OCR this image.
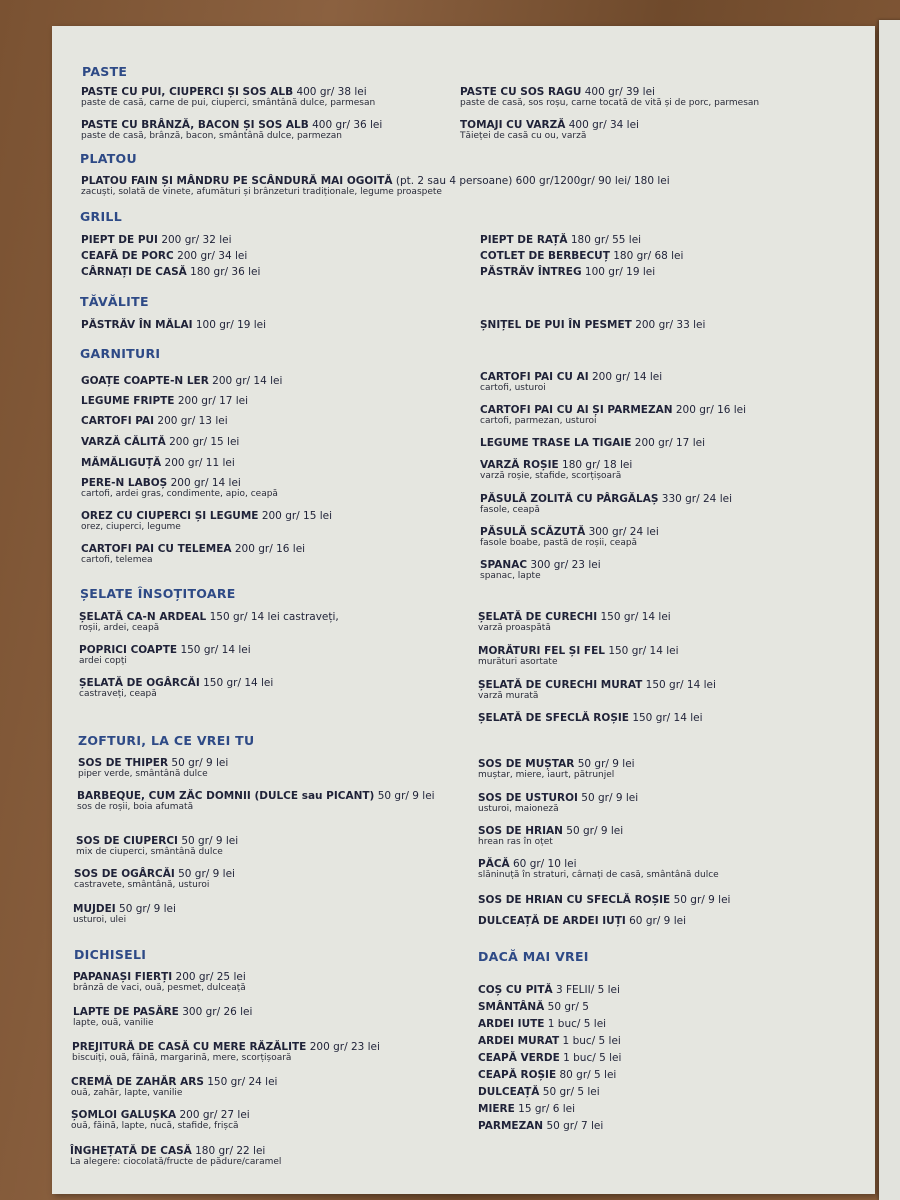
PASTE
PLATOU
GRILL
TĂVĂLITE
GARNITURI
ȘELATE ÎNSOȚITOARE
ZOFTURI, LA CE VREI TU
DICHISELI	DACĂ MAI VREI
PASTE CU PUI, CIUPERCI ȘI SOS ALB 400 gr/ 38 lei
paste de casă, carne de pui, ciuperci, smântână dulce, parmesan
PASTE CU SOS RAGU 400 gr/ 39 lei
paste de casă, sos roșu, carne tocată de vită și de porc, parmesan
PASTE CU BRÂNZĂ, BACON ȘI SOS ALB 400 gr/ 36 lei
paste de casă, brânză, bacon, smântână dulce, parmezan
TOMAJI CU VARZĂ 400 gr/ 34 lei
Tăieței de casă cu ou, varză
PLATOU FAIN ȘI MÂNDRU PE SCÂNDURĂ MAI OGOITĂ (pt. 2 sau 4 persoane) 600 gr/1200gr/ 90 lei/ 180 lei
zacuști, solată de vinete, afumături și brânzeturi tradiționale, legume proaspete
PIEPT DE PUI 200 gr/ 32 lei
CEAFĂ DE PORC 200 gr/ 34 lei
CÂRNAȚI DE CASĂ 180 gr/ 36 lei
PIEPT DE RAȚĂ 180 gr/ 55 lei
COTLET DE BERBECUȚ 180 gr/ 68 lei
PĂSTRĂV ÎNTREG 100 gr/ 19 lei
PĂSTRĂV ÎN MĂLAI 100 gr/ 19 lei	ȘNIȚEL DE PUI ÎN PESMET 200 gr/ 33 lei
GOAȚE COAPTE-N LER 200 gr/ 14 lei
LEGUME FRIPTE 200 gr/ 17 lei
CARTOFI PAI 200 gr/ 13 lei
VARZĂ CĂLITĂ 200 gr/ 15 lei
MĂMĂLIGUȚĂ 200 gr/ 11 lei
PERE-N LABOȘ 200 gr/ 14 lei
cartofi, ardei gras, condimente, apio, ceapă
OREZ CU CIUPERCI ȘI LEGUME 200 gr/ 15 lei
orez, ciuperci, legume
CARTOFI PAI CU TELEMEA 200 gr/ 16 lei
cartofi, telemea
CARTOFI PAI CU AI 200 gr/ 14 lei
cartofi, usturoi
CARTOFI PAI CU AI ȘI PARMEZAN 200 gr/ 16 lei
cartofi, parmezan, usturoi
LEGUME TRASE LA TIGAIE 200 gr/ 17 lei
VARZĂ ROȘIE 180 gr/ 18 lei
varză roșie, stafide, scorțișoară
PĂSULĂ ZOLITĂ CU PÂRGĂLAȘ 330 gr/ 24 lei
fasole, ceapă
PĂSULĂ SCĂZUTĂ 300 gr/ 24 lei
fasole boabe, pastă de roșii, ceapă
SPANAC 300 gr/ 23 lei
spanac, lapte
ȘELATĂ CA-N ARDEAL 150 gr/ 14 lei castraveți,
roșii, ardei, ceapă
POPRICI COAPTE 150 gr/ 14 lei
ardei copți
ȘELATĂ DE OGÂRCĂI 150 gr/ 14 lei
castraveți, ceapă
ȘELATĂ DE CURECHI 150 gr/ 14 lei
varză proaspătă
MORĂTURI FEL ȘI FEL 150 gr/ 14 lei
murături asortate
ȘELATĂ DE CURECHI MURAT 150 gr/ 14 lei
varză murată
ȘELATĂ DE SFECLĂ ROȘIE 150 gr/ 14 lei
SOS DE THIPER 50 gr/ 9 lei
piper verde, smântână dulce
BARBEQUE, CUM ZĂC DOMNII (DULCE sau PICANT) 50 gr/ 9 lei
sos de roșii, boia afumată
SOS DE CIUPERCI 50 gr/ 9 lei
mix de ciuperci, smântână dulce
SOS DE OGÂRCĂI 50 gr/ 9 lei
castravete, smântână, usturoi
MUJDEI 50 gr/ 9 lei
usturoi, ulei
SOS DE MUȘTAR 50 gr/ 9 lei
muștar, miere, iaurt, pătrunjel
SOS DE USTUROI 50 gr/ 9 lei
usturoi, maioneză
SOS DE HRIAN 50 gr/ 9 lei
hrean ras în oțet
PĂCĂ 60 gr/ 10 lei
slăninuță în straturi, cârnați de casă, smântână dulce
SOS DE HRIAN CU SFECLĂ ROȘIE 50 gr/ 9 lei
DULCEAȚĂ DE ARDEI IUȚI 60 gr/ 9 lei
PAPANAȘI FIERȚI 200 gr/ 25 lei
brânză de vaci, ouă, pesmet, dulceață
LAPTE DE PASĂRE 300 gr/ 26 lei
lapte, ouă, vanilie
PREJITURĂ DE CASĂ CU MERE RĂZĂLITE 200 gr/ 23 lei
biscuiți, ouă, făină, margarină, mere, scorțișoară
CREMĂ DE ZAHĂR ARS 150 gr/ 24 lei
ouă, zahăr, lapte, vanilie
ȘOMLOI GALUȘKA 200 gr/ 27 lei
ouă, făină, lapte, nucă, stafide, frișcă
ÎNGHEȚATĂ DE CASĂ 180 gr/ 22 lei
La alegere: ciocolată/fructe de pădure/caramel
COȘ CU PITĂ 3 FELII/ 5 lei
SMÂNTÂNĂ 50 gr/ 5
ARDEI IUTE 1 buc/ 5 lei
ARDEI MURAT 1 buc/ 5 lei
CEAPĂ VERDE 1 buc/ 5 lei
CEAPĂ ROȘIE 80 gr/ 5 lei
DULCEAȚĂ 50 gr/ 5 lei
MIERE 15 gr/ 6 lei
PARMEZAN 50 gr/ 7 lei
